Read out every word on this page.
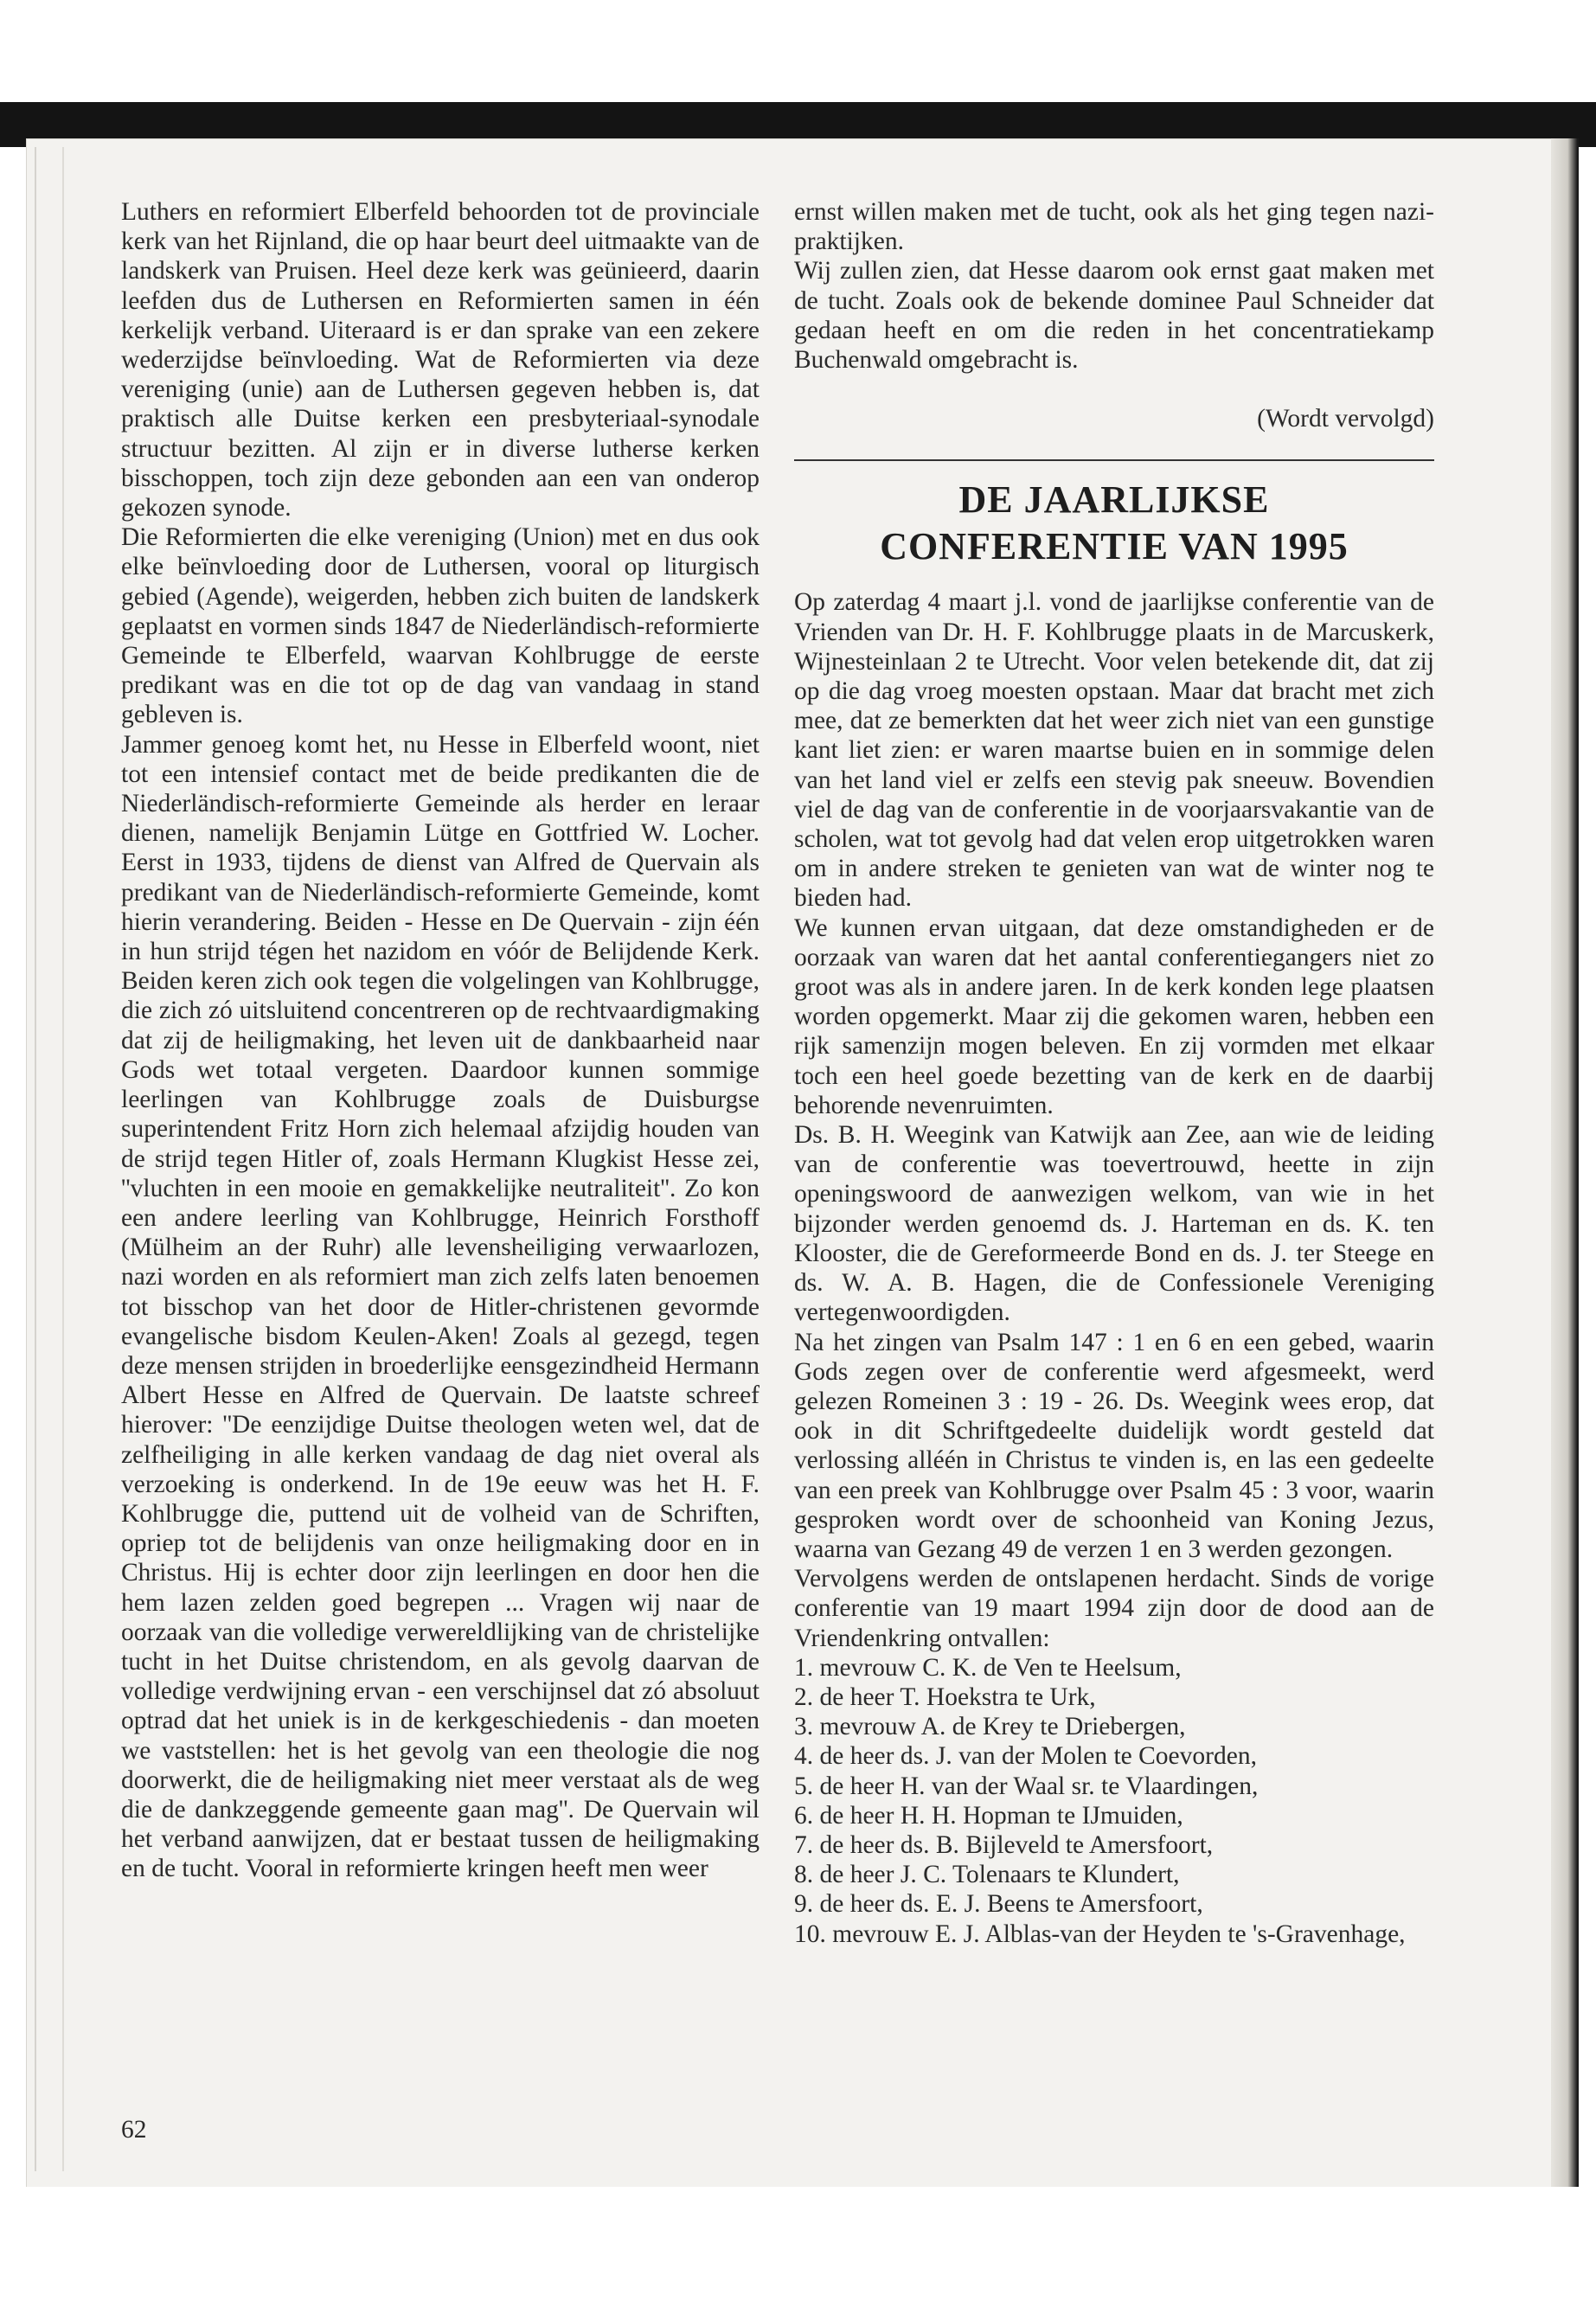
Luthers en reformiert Elberfeld behoorden tot de provinciale kerk van het Rijnland, die op haar beurt deel uitmaakte van de landskerk van Pruisen. Heel deze kerk was geünieerd, daarin leefden dus de Luthersen en Reformierten samen in één kerkelijk verband. Uiteraard is er dan sprake van een zekere wederzijdse beïnvloeding. Wat de Reformierten via deze vereniging (unie) aan de Luthersen gegeven hebben is, dat praktisch alle Duitse kerken een presbyteriaal-synodale structuur bezitten. Al zijn er in diverse lutherse kerken bisschoppen, toch zijn deze gebonden aan een van onderop gekozen synode.

Die Reformierten die elke vereniging (Union) met en dus ook elke beïnvloeding door de Luthersen, vooral op liturgisch gebied (Agende), weigerden, hebben zich buiten de landskerk geplaatst en vormen sinds 1847 de Niederländisch-reformierte Gemeinde te Elberfeld, waarvan Kohlbrugge de eerste predikant was en die tot op de dag van vandaag in stand gebleven is.

Jammer genoeg komt het, nu Hesse in Elberfeld woont, niet tot een intensief contact met de beide predikanten die de Niederländisch-reformierte Gemeinde als herder en leraar dienen, namelijk Benjamin Lütge en Gottfried W. Locher. Eerst in 1933, tijdens de dienst van Alfred de Quervain als predikant van de Niederländisch-reformierte Gemeinde, komt hierin verandering. Beiden - Hesse en De Quervain - zijn één in hun strijd tégen het nazidom en vóór de Belijdende Kerk. Beiden keren zich ook tegen die volgelingen van Kohlbrugge, die zich zó uitsluitend concentreren op de rechtvaardigmaking dat zij de heiligmaking, het leven uit de dankbaarheid naar Gods wet totaal vergeten. Daardoor kunnen sommige leerlingen van Kohlbrugge zoals de Duisburgse superintendent Fritz Horn zich helemaal afzijdig houden van de strijd tegen Hitler of, zoals Hermann Klugkist Hesse zei, ''vluchten in een mooie en gemakkelijke neutraliteit''. Zo kon een andere leerling van Kohlbrugge, Heinrich Forsthoff (Mülheim an der Ruhr) alle levensheiliging verwaarlozen, nazi worden en als reformiert man zich zelfs laten benoemen tot bisschop van het door de Hitler-christenen gevormde evangelische bisdom Keulen-Aken! Zoals al gezegd, tegen deze mensen strijden in broederlijke eensgezindheid Hermann Albert Hesse en Alfred de Quervain. De laatste schreef hierover: ''De eenzijdige Duitse theologen weten wel, dat de zelfheiliging in alle kerken vandaag de dag niet overal als verzoeking is onderkend. In de 19e eeuw was het H. F. Kohlbrugge die, puttend uit de volheid van de Schriften, opriep tot de belijdenis van onze heiligmaking door en in Christus. Hij is echter door zijn leerlingen en door hen die hem lazen zelden goed begrepen ... Vragen wij naar de oorzaak van die volledige verwereldlijking van de christelijke tucht in het Duitse christendom, en als gevolg daarvan de volledige verdwijning ervan - een verschijnsel dat zó absoluut optrad dat het uniek is in de kerkgeschiedenis - dan moeten we vaststellen: het is het gevolg van een theologie die nog doorwerkt, die de heiligmaking niet meer verstaat als de weg die de dankzeggende gemeente gaan mag''. De Quervain wil het verband aanwijzen, dat er bestaat tussen de heiligmaking en de tucht. Vooral in reformierte kringen heeft men weer

62

ernst willen maken met de tucht, ook als het ging tegen nazi-praktijken.

Wij zullen zien, dat Hesse daarom ook ernst gaat maken met de tucht. Zoals ook de bekende dominee Paul Schneider dat gedaan heeft en om die reden in het concentratiekamp Buchenwald omgebracht is.

(Wordt vervolgd)

DE JAARLIJKSE
CONFERENTIE VAN 1995

Op zaterdag 4 maart j.l. vond de jaarlijkse conferentie van de Vrienden van Dr. H. F. Kohlbrugge plaats in de Marcuskerk, Wijnesteinlaan 2 te Utrecht. Voor velen betekende dit, dat zij op die dag vroeg moesten opstaan. Maar dat bracht met zich mee, dat ze bemerkten dat het weer zich niet van een gunstige kant liet zien: er waren maartse buien en in sommige delen van het land viel er zelfs een stevig pak sneeuw. Bovendien viel de dag van de conferentie in de voorjaarsvakantie van de scholen, wat tot gevolg had dat velen erop uitgetrokken waren om in andere streken te genieten van wat de winter nog te bieden had.

We kunnen ervan uitgaan, dat deze omstandigheden er de oorzaak van waren dat het aantal conferentiegangers niet zo groot was als in andere jaren. In de kerk konden lege plaatsen worden opgemerkt. Maar zij die gekomen waren, hebben een rijk samenzijn mogen beleven. En zij vormden met elkaar toch een heel goede bezetting van de kerk en de daarbij behorende nevenruimten.

Ds. B. H. Weegink van Katwijk aan Zee, aan wie de leiding van de conferentie was toevertrouwd, heette in zijn openingswoord de aanwezigen welkom, van wie in het bijzonder werden genoemd ds. J. Harteman en ds. K. ten Klooster, die de Gereformeerde Bond en ds. J. ter Steege en ds. W. A. B. Hagen, die de Confessionele Vereniging vertegenwoordigden.

Na het zingen van Psalm 147 : 1 en 6 en een gebed, waarin Gods zegen over de conferentie werd afgesmeekt, werd gelezen Romeinen 3 : 19 - 26. Ds. Weegink wees erop, dat ook in dit Schriftgedeelte duidelijk wordt gesteld dat verlossing alléén in Christus te vinden is, en las een gedeelte van een preek van Kohlbrugge over Psalm 45 : 3 voor, waarin gesproken wordt over de schoonheid van Koning Jezus, waarna van Gezang 49 de verzen 1 en 3 werden gezongen.

Vervolgens werden de ontslapenen herdacht. Sinds de vorige conferentie van 19 maart 1994 zijn door de dood aan de Vriendenkring ontvallen:

1. mevrouw C. K. de Ven te Heelsum,
2. de heer T. Hoekstra te Urk,
3. mevrouw A. de Krey te Driebergen,
4. de heer ds. J. van der Molen te Coevorden,
5. de heer H. van der Waal sr. te Vlaardingen,
6. de heer H. H. Hopman te IJmuiden,
7. de heer ds. B. Bijleveld te Amersfoort,
8. de heer J. C. Tolenaars te Klundert,
9. de heer ds. E. J. Beens te Amersfoort,
10. mevrouw E. J. Alblas-van der Heyden te 's-Gravenhage,
